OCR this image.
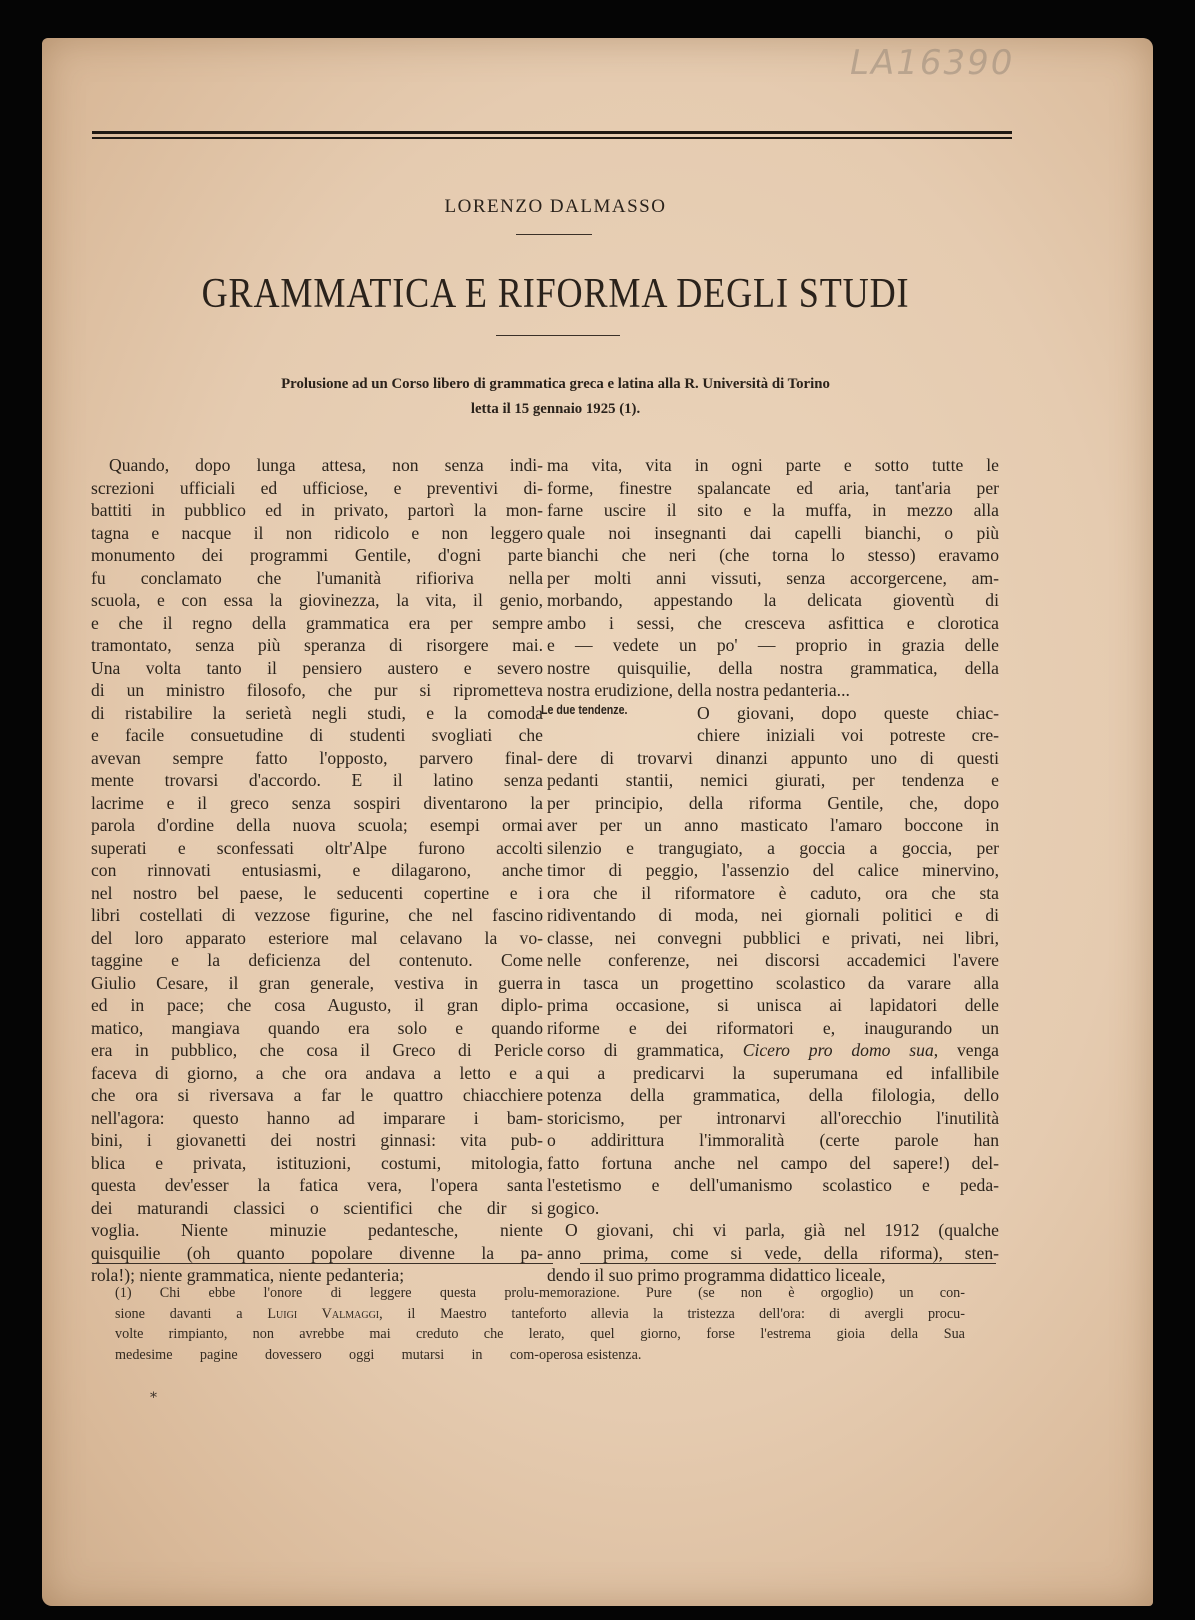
LA16390
LORENZO DALMASSO
GRAMMATICA E RIFORMA DEGLI STUDI
Prolusione ad un Corso libero di grammatica greca e latina alla R. Università di Torino
letta il 15 gennaio 1925 (1).
Quando, dopo lunga attesa, non senza indi-
screzioni ufficiali ed ufficiose, e preventivi di-
battiti in pubblico ed in privato, partorì la mon-
tagna e nacque il non ridicolo e non leggero
monumento dei programmi Gentile, d'ogni parte
fu conclamato che l'umanità rifioriva nella
scuola, e con essa la giovinezza, la vita, il genio,
e che il regno della grammatica era per sempre
tramontato, senza più speranza di risorgere mai.
Una volta tanto il pensiero austero e severo
di un ministro filosofo, che pur si riprometteva
di ristabilire la serietà negli studi, e la comoda
e facile consuetudine di studenti svogliati che
avevan sempre fatto l'opposto, parvero final-
mente trovarsi d'accordo. E il latino senza
lacrime e il greco senza sospiri diventarono la
parola d'ordine della nuova scuola; esempi ormai
superati e sconfessati oltr'Alpe furono accolti
con rinnovati entusiasmi, e dilagarono, anche
nel nostro bel paese, le seducenti copertine e i
libri costellati di vezzose figurine, che nel fascino
del loro apparato esteriore mal celavano la vo-
taggine e la deficienza del contenuto. Come
Giulio Cesare, il gran generale, vestiva in guerra
ed in pace; che cosa Augusto, il gran diplo-
matico, mangiava quando era solo e quando
era in pubblico, che cosa il Greco di Pericle
faceva di giorno, a che ora andava a letto e a
che ora si riversava a far le quattro chiacchiere
nell'agora: questo hanno ad imparare i bam-
bini, i giovanetti dei nostri ginnasi: vita pub-
blica e privata, istituzioni, costumi, mitologia,
questa dev'esser la fatica vera, l'opera santa
dei maturandi classici o scientifici che dir si
voglia. Niente minuzie pedantesche, niente
quisquilie (oh quanto popolare divenne la pa-
rola!); niente grammatica, niente pedanteria;
ma vita, vita in ogni parte e sotto tutte le
forme, finestre spalancate ed aria, tant'aria per
farne uscire il sito e la muffa, in mezzo alla
quale noi insegnanti dai capelli bianchi, o più
bianchi che neri (che torna lo stesso) eravamo
per molti anni vissuti, senza accorgercene, am-
morbando, appestando la delicata gioventù di
ambo i sessi, che cresceva asfittica e clorotica
e — vedete un po' — proprio in grazia delle
nostre quisquilie, della nostra grammatica, della
nostra erudizione, della nostra pedanteria...
O giovani, dopo queste chiac-
chiere iniziali voi potreste cre-
dere di trovarvi dinanzi appunto uno di questi
pedanti stantii, nemici giurati, per tendenza e
per principio, della riforma Gentile, che, dopo
aver per un anno masticato l'amaro boccone in
silenzio e trangugiato, a goccia a goccia, per
timor di peggio, l'assenzio del calice minervino,
ora che il riformatore è caduto, ora che sta
ridiventando di moda, nei giornali politici e di
classe, nei convegni pubblici e privati, nei libri,
nelle conferenze, nei discorsi accademici l'avere
in tasca un progettino scolastico da varare alla
prima occasione, si unisca ai lapidatori delle
riforme e dei riformatori e, inaugurando un
corso di grammatica, Cicero pro domo sua, venga
qui a predicarvi la superumana ed infallibile
potenza della grammatica, della filologia, dello
storicismo, per intronarvi all'orecchio l'inutilità
o addirittura l'immoralità (certe parole han
fatto fortuna anche nel campo del sapere!) del-
l'estetismo e dell'umanismo scolastico e peda-
gogico.
O giovani, chi vi parla, già nel 1912 (qualche
anno prima, come si vede, della riforma), sten-
dendo il suo primo programma didattico liceale,
Le due tendenze.
(1) Chi ebbe l'onore di leggere questa prolu-
sione davanti a Luigi Valmaggi, il Maestro tante
volte rimpianto, non avrebbe mai creduto che le
medesime pagine dovessero oggi mutarsi in com-
memorazione. Pure (se non è orgoglio) un con-
forto allevia la tristezza dell'ora: di avergli procu-
rato, quel giorno, forse l'estrema gioia della Sua
operosa esistenza.
*
